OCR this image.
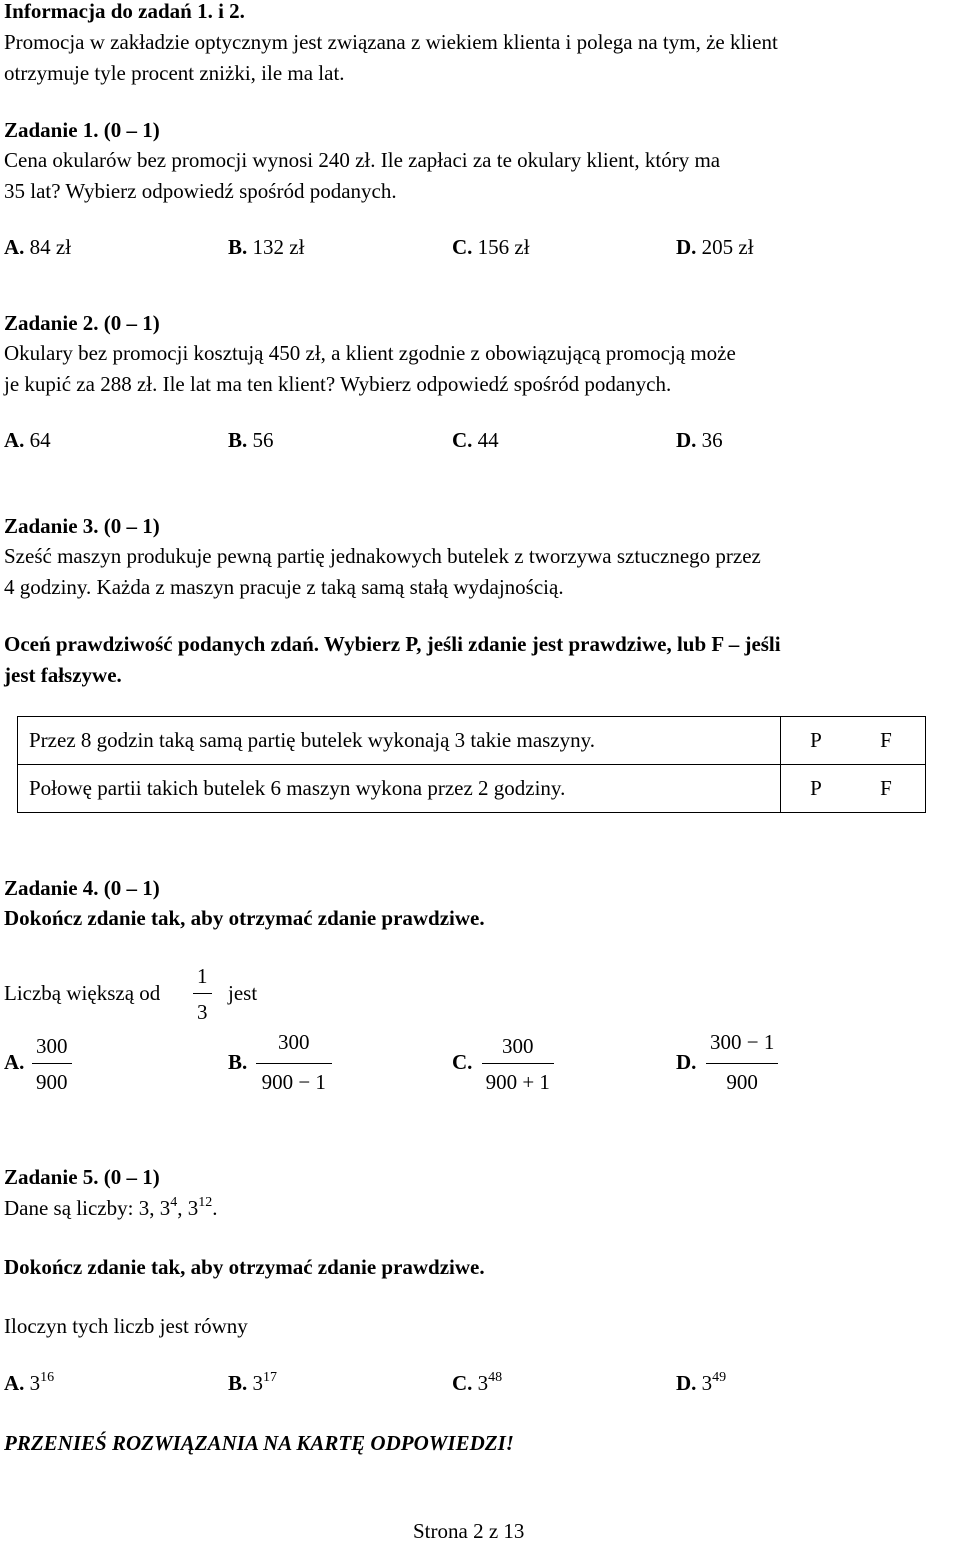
Informacja do zadań 1. i 2.
Promocja w zakładzie optycznym jest związana z wiekiem klienta i polega na tym, że klient
otrzymuje tyle procent zniżki, ile ma lat.
Zadanie 1. (0 – 1)
Cena okularów bez promocji wynosi 240 zł. Ile zapłaci za te okulary klient, który ma
35 lat? Wybierz odpowiedź spośród podanych.
A. 84 zł	B. 132 zł	C. 156 zł	D. 205 zł
Zadanie 2. (0 – 1)
Okulary bez promocji kosztują 450 zł, a klient zgodnie z obowiązującą promocją może
je kupić za 288 zł. Ile lat ma ten klient? Wybierz odpowiedź spośród podanych.
A. 64	B. 56	C. 44	D. 36
Zadanie 3. (0 – 1)
Sześć maszyn produkuje pewną partię jednakowych butelek z tworzywa sztucznego przez
4 godziny. Każda z maszyn pracuje z taką samą stałą wydajnością.
Oceń prawdziwość podanych zdań. Wybierz P, jeśli zdanie jest prawdziwe, lub F – jeśli
jest fałszywe.
Przez 8 godzin taką samą partię butelek wykonają 3 takie maszyny.	P F
Połowę partii takich butelek 6 maszyn wykona przez 2 godziny.	P F
Zadanie 4. (0 – 1)
Dokończ zdanie tak, aby otrzymać zdanie prawdziwe.
Liczbą większą od $\frac{1}{3}$ jest
A. $\frac{300}{900}$	B. $\frac{300}{900 - 1}$	C. $\frac{300}{900 + 1}$	D. $\frac{300 - 1}{900}$
Zadanie 5. (0 – 1)
Dane są liczby: 3, $3^4$, $3^{12}$.
Dokończ zdanie tak, aby otrzymać zdanie prawdziwe.
Iloczyn tych liczb jest równy
A. $3^{16}$	B. $3^{17}$	C. $3^{48}$	D. $3^{49}$
PRZENIEŚ ROZWIĄZANIA NA KARTĘ ODPOWIEDZI!
Strona 2 z 13
